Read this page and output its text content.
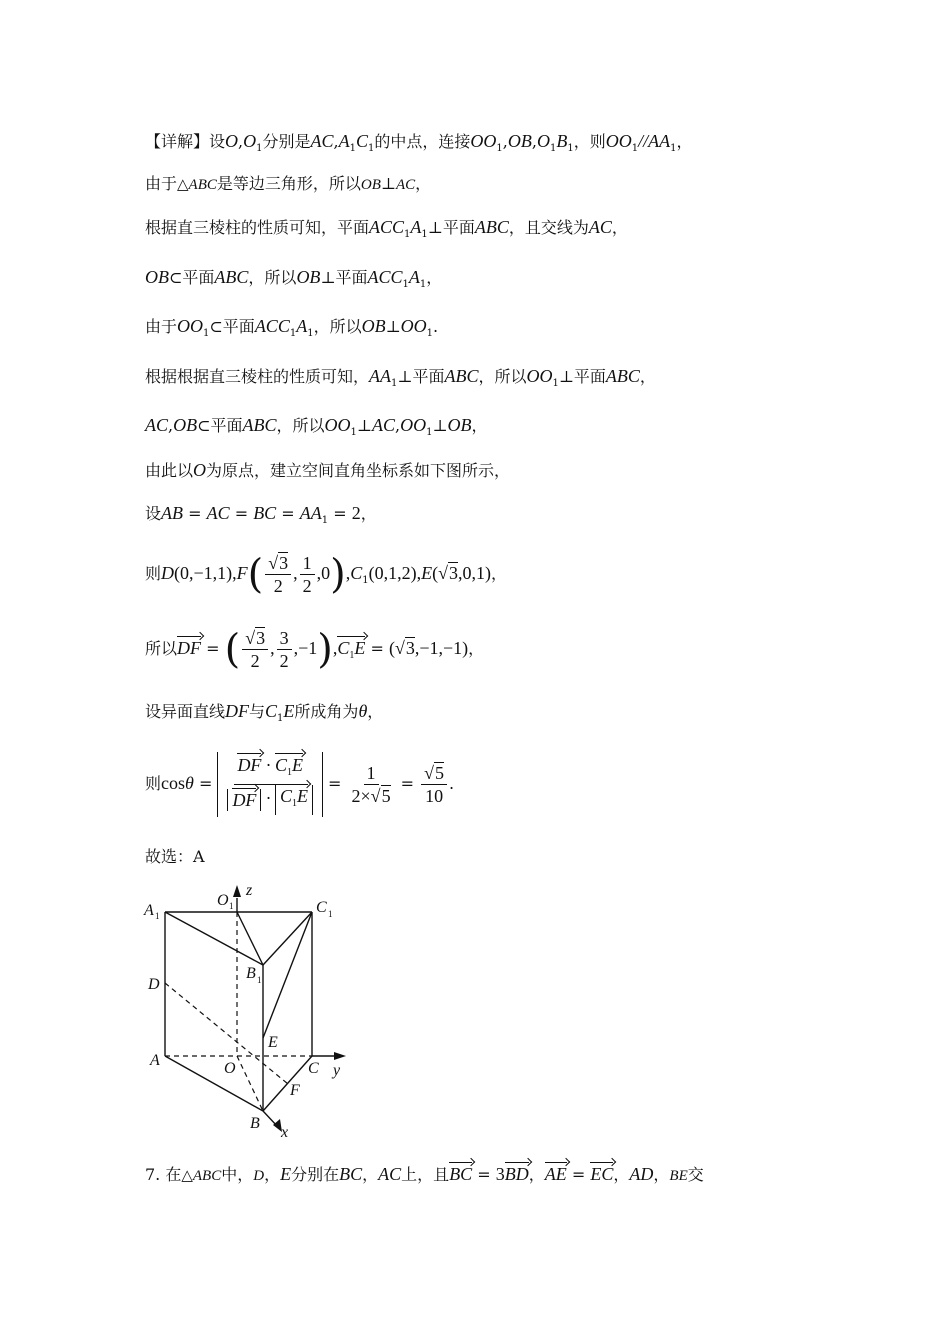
【详解】设$O,O_1$分别是$AC,A_1C_1$的中点，连接$OO_1,OB,O_1B_1$，则$OO_1//AA_1$，
由于△ABC是等边三角形，所以OB⊥AC，
根据直三棱柱的性质可知，平面$ACC_1A_1\perp$平面ABC，且交线为AC，
OB⊂平面ABC，所以OB⊥平面$ACC_1A_1$，
由于$OO_1\subset$平面$ACC_1A_1$，所以$OB\perp OO_1$.
根据根据直三棱柱的性质可知，$AA_1\perp$平面ABC，所以$OO_1\perp$平面ABC，
AC,OB⊂平面ABC，所以$OO_1\perp AC,OO_1\perp OB$，
由此以O为原点，建立空间直角坐标系如下图所示，
设AB = AC = BC = $AA_1 = 2$，
则$D(0,-1,1),F( \frac{√3}{2}$ , $\frac{1}{2} ,0),C_1(0,1,2),E(√3,0,1)$，
所以DF = ( $\frac{√3}{2}$ , $\frac{3}{2} ,-1),C_1E = (√3,-1,-1)$，
设异面直线DF与$C_1E$所成角为θ，
则$\cos\theta = \frac{DF \cdot C_1E}{DF \cdot C_1E} = \frac{1}{2\times√5} = \frac{√5}{10}$ .
故选：A
A 1
O 1
z
C 1
B 1
D
E
A	O	C y
F
B
x
7. 在△ABC中，D，E分别在BC，AC上，且BC = 3BD，AE = EC，AD，BE交
